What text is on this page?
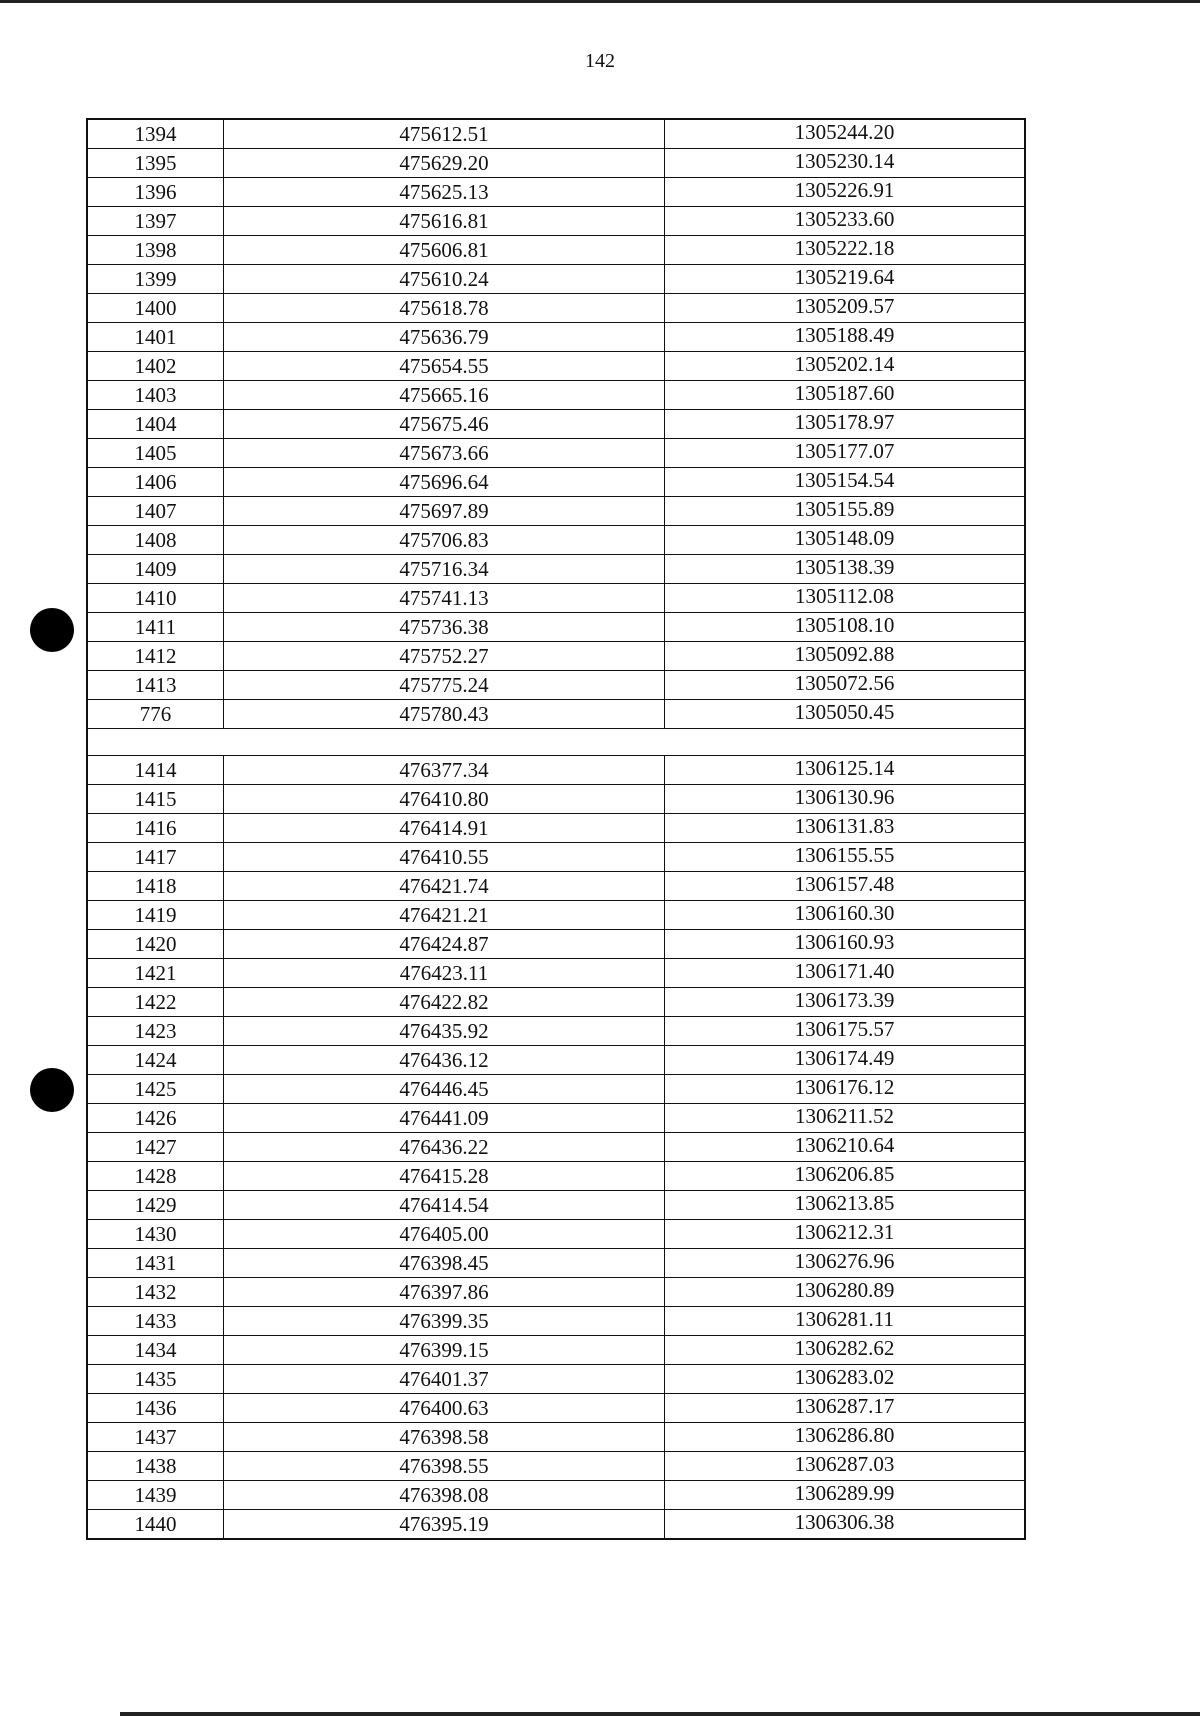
142
1394	475612.51	1305244.20
1395	475629.20	1305230.14
1396	475625.13	1305226.91
1397	475616.81	1305233.60
1398	475606.81	1305222.18
1399	475610.24	1305219.64
1400	475618.78	1305209.57
1401	475636.79	1305188.49
1402	475654.55	1305202.14
1403	475665.16	1305187.60
1404	475675.46	1305178.97
1405	475673.66	1305177.07
1406	475696.64	1305154.54
1407	475697.89	1305155.89
1408	475706.83	1305148.09
1409	475716.34	1305138.39
1410	475741.13	1305112.08
1411	475736.38	1305108.10
1412	475752.27	1305092.88
1413	475775.24	1305072.56
776	475780.43	1305050.45

1414	476377.34	1306125.14
1415	476410.80	1306130.96
1416	476414.91	1306131.83
1417	476410.55	1306155.55
1418	476421.74	1306157.48
1419	476421.21	1306160.30
1420	476424.87	1306160.93
1421	476423.11	1306171.40
1422	476422.82	1306173.39
1423	476435.92	1306175.57
1424	476436.12	1306174.49
1425	476446.45	1306176.12
1426	476441.09	1306211.52
1427	476436.22	1306210.64
1428	476415.28	1306206.85
1429	476414.54	1306213.85
1430	476405.00	1306212.31
1431	476398.45	1306276.96
1432	476397.86	1306280.89
1433	476399.35	1306281.11
1434	476399.15	1306282.62
1435	476401.37	1306283.02
1436	476400.63	1306287.17
1437	476398.58	1306286.80
1438	476398.55	1306287.03
1439	476398.08	1306289.99
1440	476395.19	1306306.38
